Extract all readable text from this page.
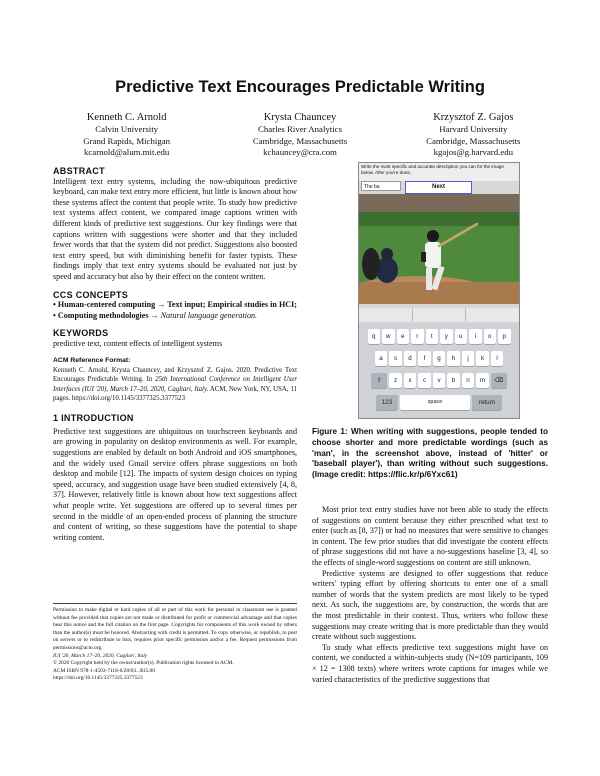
Predictive Text Encourages Predictable Writing
Kenneth C. Arnold
Calvin University
Grand Rapids, Michigan
kcarnold@alum.mit.edu
Krysta Chauncey
Charles River Analytics
Cambridge, Massachusetts
kchauncey@cra.com
Krzysztof Z. Gajos
Harvard University
Cambridge, Massachusetts
kgajos@g.harvard.edu
ABSTRACT

Intelligent text entry systems, including the now-ubiquitous predictive keyboard, can make text entry more efficient, but little is known about how these systems affect the content that people write. To study how predictive text systems affect content, we compared image captions written with different kinds of predictive text suggestions. Our key findings were that captions written with suggestions were shorter and that they included fewer words that that the system did not predict. Suggestions also boosted text entry speed, but with diminishing benefit for faster typists. These findings imply that text entry systems should be evaluated not just by speed and accuracy but also by their effect on the content written.

CCS CONCEPTS

• Human-centered computing → Text input; Empirical studies in HCI; • Computing methodologies → Natural language generation.

KEYWORDS

predictive text, content effects of intelligent systems

ACM Reference Format:

Kenneth C. Arnold, Krysta Chauncey, and Krzysztof Z. Gajos. 2020. Predictive Text Encourages Predictable Writing. In 25th International Conference on Intelligent User Interfaces (IUI '20), March 17–20, 2020, Cagliari, Italy. ACM, New York, NY, USA, 11 pages. https://doi.org/10.1145/3377325.3377523

1 INTRODUCTION

Predictive text suggestions are ubiquitous on touchscreen keyboards and are growing in popularity on desktop environments as well. For example, suggestions are enabled by default on both Android and iOS smartphones, and the widely used Gmail service offers phrase suggestions on both desktop and mobile [12]. The impacts of system design choices on typing speed, accuracy, and suggestion usage have been studied extensively [4, 8, 37]. However, relatively little is known about how text suggestions affect what people write. Yet suggestions are offered up to several times per second in the middle of an open-ended process of planning the structure and content of writing, so these suggestions have the potential to shape writing content.

Permission to make digital or hard copies of all or part of this work for personal or classroom use is granted without fee provided that copies are not made or distributed for profit or commercial advantage and that copies bear this notice and the full citation on the first page. Copyrights for components of this work owned by others than the author(s) must be honored. Abstracting with credit is permitted. To copy otherwise, or republish, to post on servers or to redistribute to lists, requires prior specific permission and/or a fee. Request permissions from permissions@acm.org.

IUI '20, March 17–20, 2020, Cagliari, Italy

© 2020 Copyright held by the owner/author(s). Publication rights licensed to ACM.

ACM ISBN 978-1-4503-7118-6/20/03...$15.00

https://doi.org/10.1145/3377325.3377523

Write the most specific and accurate description you can for the image below. After you're done,
The ba	Next
q	w	e	r	t	y	u	i	o	p
a	s	d	f	g	h	j	k	l
⇧	z	x	c	v	b	n	m	⌫
123	space	return
Figure 1: When writing with suggestions, people tended to choose shorter and more predictable wordings (such as 'man', in the screenshot above, instead of 'hitter' or 'baseball player'), than writing without such suggestions. (Image credit: https://flic.kr/p/6Yxc61)

Most prior text entry studies have not been able to study the effects of suggestions on content because they either prescribed what text to enter (such as [8, 37]) or had no measures that were sensitive to changes in content. The few prior studies that did investigate the content effects of phrase suggestions did not have a no-suggestions baseline [3, 4], so the effects of single-word suggestions on content are still unknown.

Predictive systems are designed to offer suggestions that reduce writers' typing effort by offering shortcuts to enter one of a small number of words that the system predicts are most likely to be typed next. As such, the suggestions are, by construction, the words that are the most predictable in their context. Thus, writers who follow these suggestions may create writing that is more predictable than they would create without such suggestions.

To study what effects predictive text suggestions might have on content, we conducted a within-subjects study (N=109 participants, 109 × 12 = 1308 texts) where writers wrote captions for images while we varied characteristics of the predictive suggestions that
